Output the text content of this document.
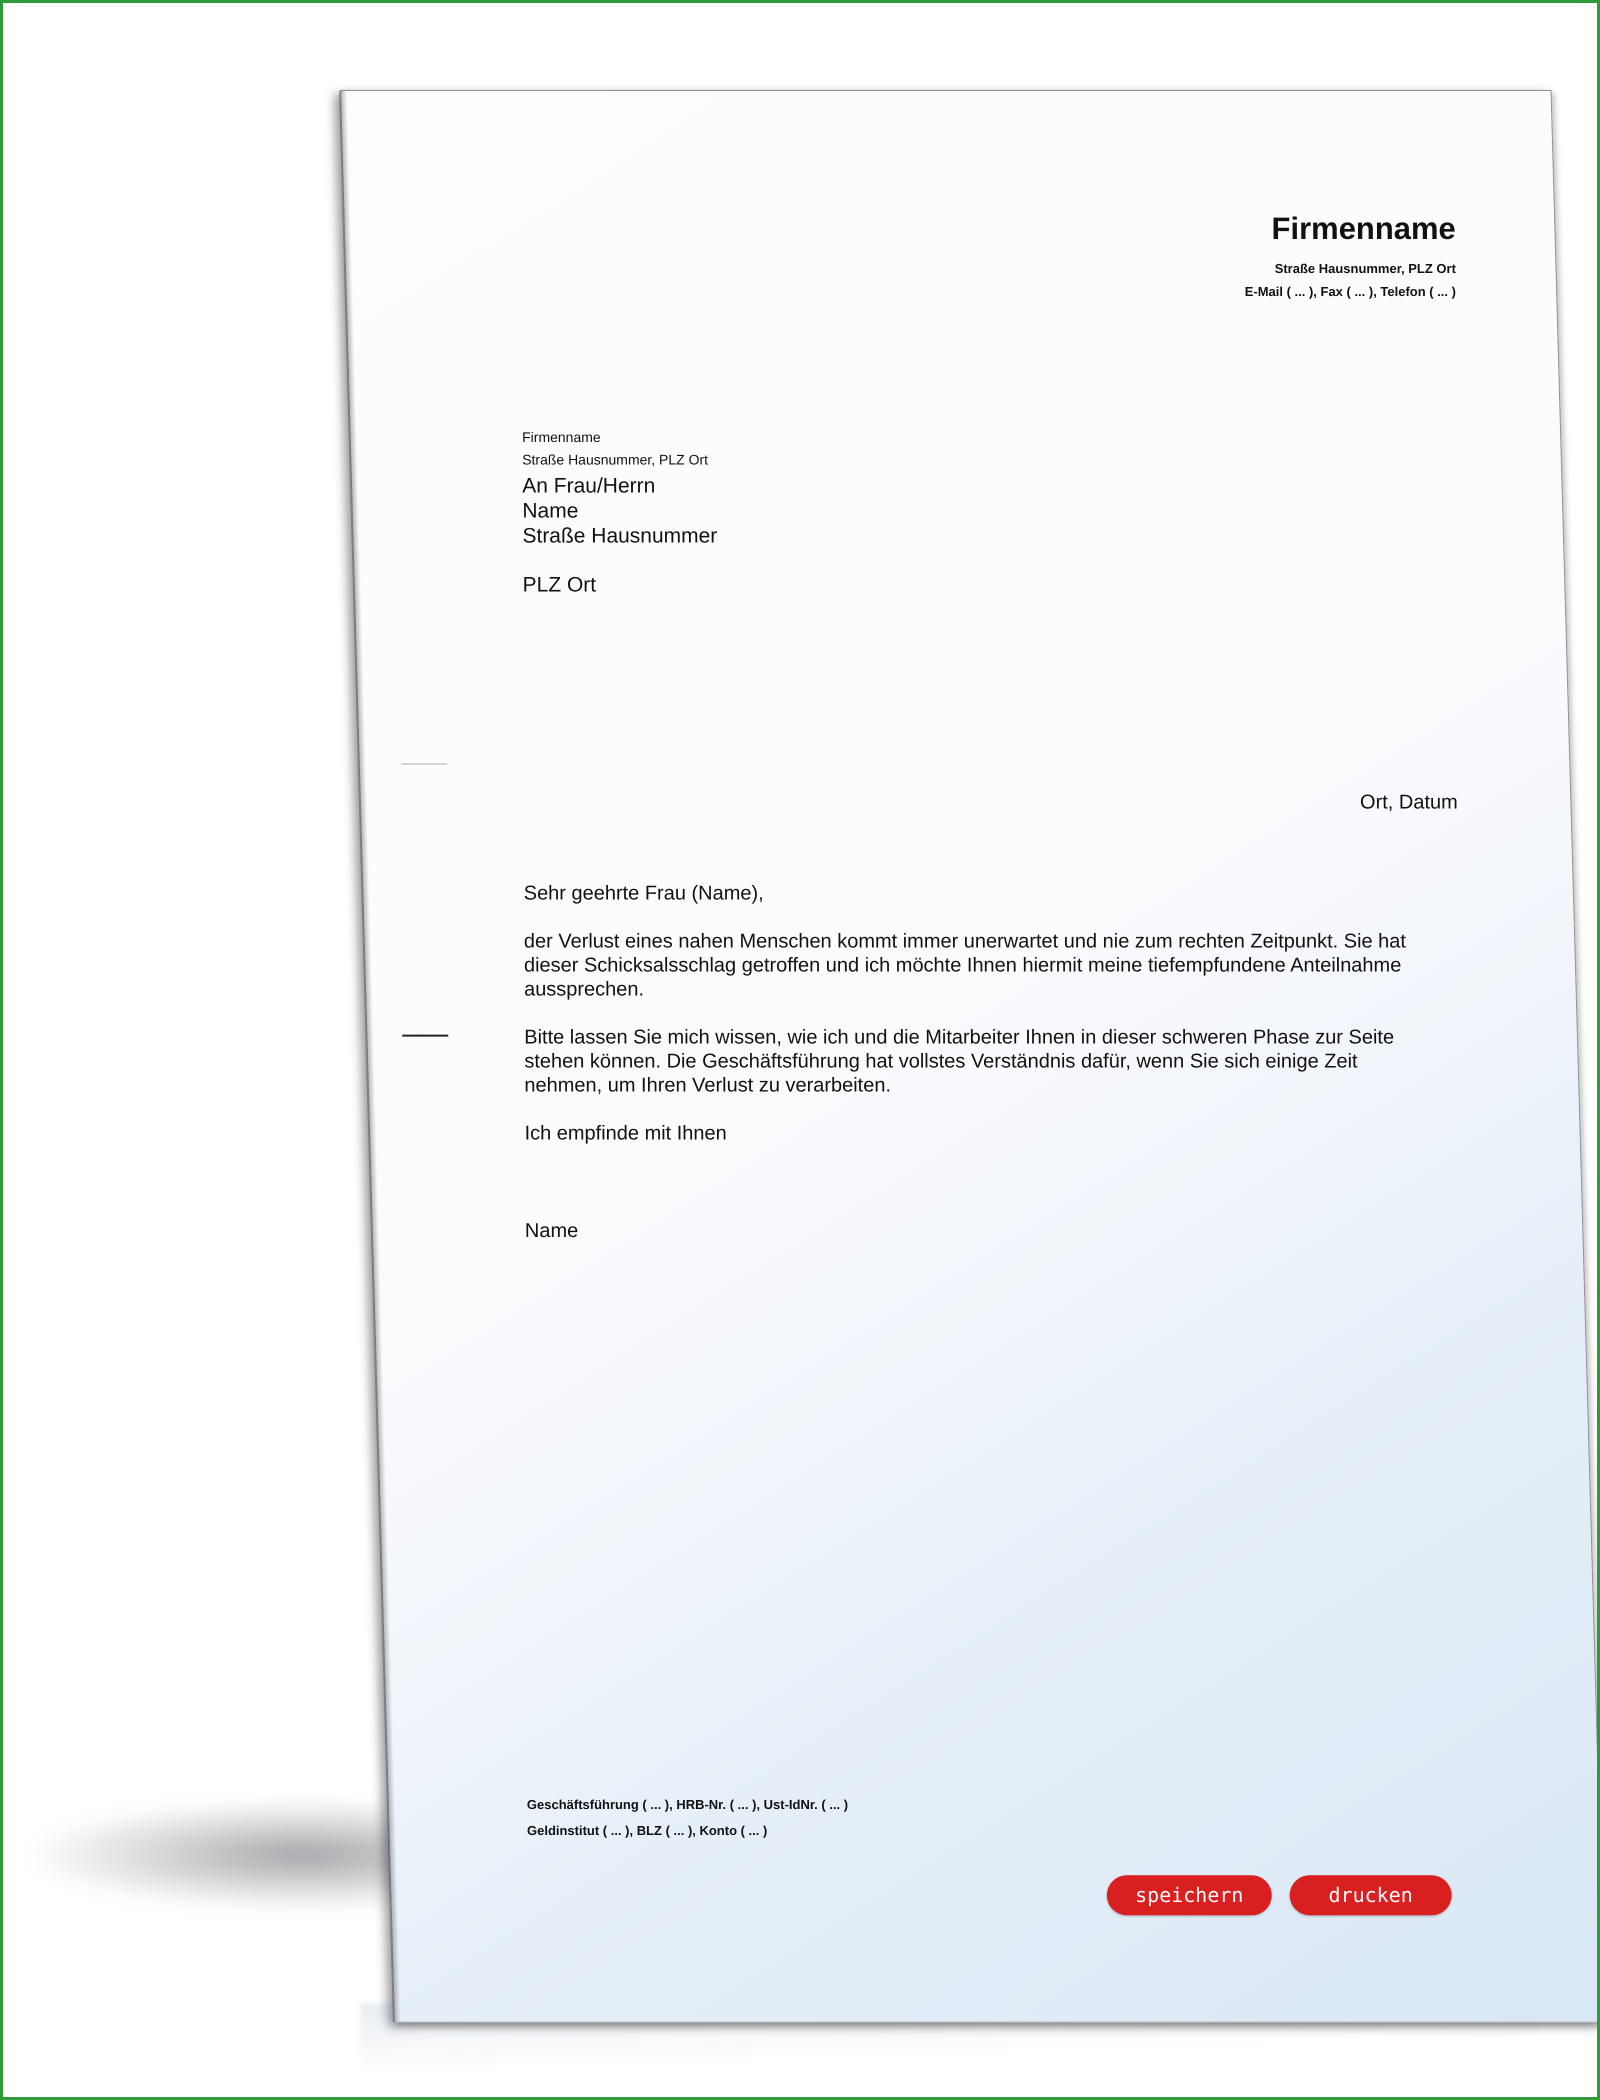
Firmenname
Straße Hausnummer, PLZ Ort
E-Mail ( ... ), Fax ( ... ), Telefon ( ... )
Firmenname
Straße Hausnummer, PLZ Ort
An Frau/Herrn
Name
Straße Hausnummer
PLZ Ort
Ort, Datum

Sehr geehrte Frau (Name),

der Verlust eines nahen Menschen kommt immer unerwartet und nie zum rechten Zeitpunkt. Sie hat dieser Schicksalsschlag getroffen und ich möchte Ihnen hiermit meine tiefempfundene Anteilnahme aussprechen.

Bitte lassen Sie mich wissen, wie ich und die Mitarbeiter Ihnen in dieser schweren Phase zur Seite stehen können. Die Geschäftsführung hat vollstes Verständnis dafür, wenn Sie sich einige Zeit nehmen, um Ihren Verlust zu verarbeiten.

Ich empfinde mit Ihnen

Name
Geschäftsführung ( ... ), HRB-Nr. ( ... ), Ust-IdNr. ( ... )
Geldinstitut ( ... ), BLZ ( ... ), Konto ( ... )
speichern	drucken
